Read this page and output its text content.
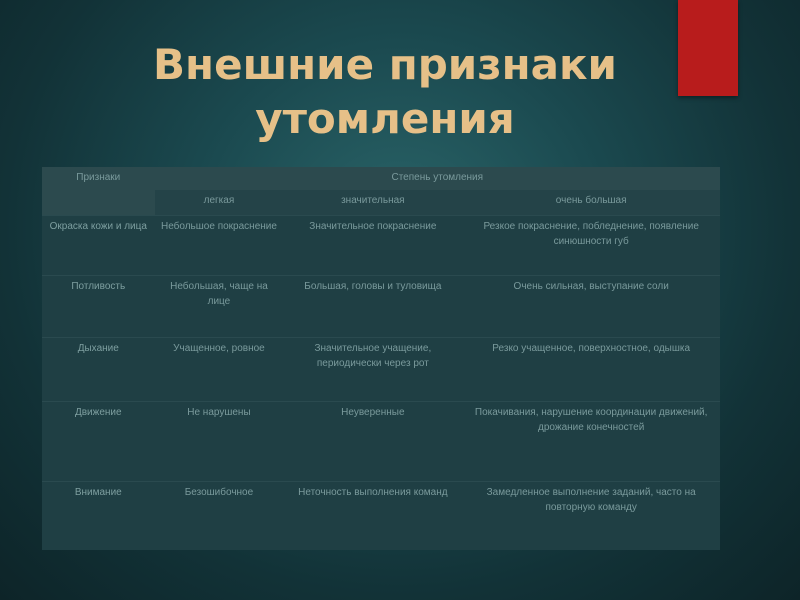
Внешние признаки
утомления
Признаки	Степень утомления		
	легкая	значительная	очень большая
Окраска кожи и лица	Небольшое покраснение	Значительное покраснение	Резкое покраснение, побледнение, появление синюшности губ
Потливость	Небольшая, чаще на лице	Большая, головы и туловища	Очень сильная, выступание соли
Дыхание	Учащенное, ровное	Значительное учащение, периодически через рот	Резко учащенное, поверхностное, одышка
Движение	Не нарушены	Неуверенные	Покачивания, нарушение координации движений, дрожание конечностей
Внимание	Безошибочное	Неточность выполнения команд	Замедленное выполнение заданий, часто на повторную команду
